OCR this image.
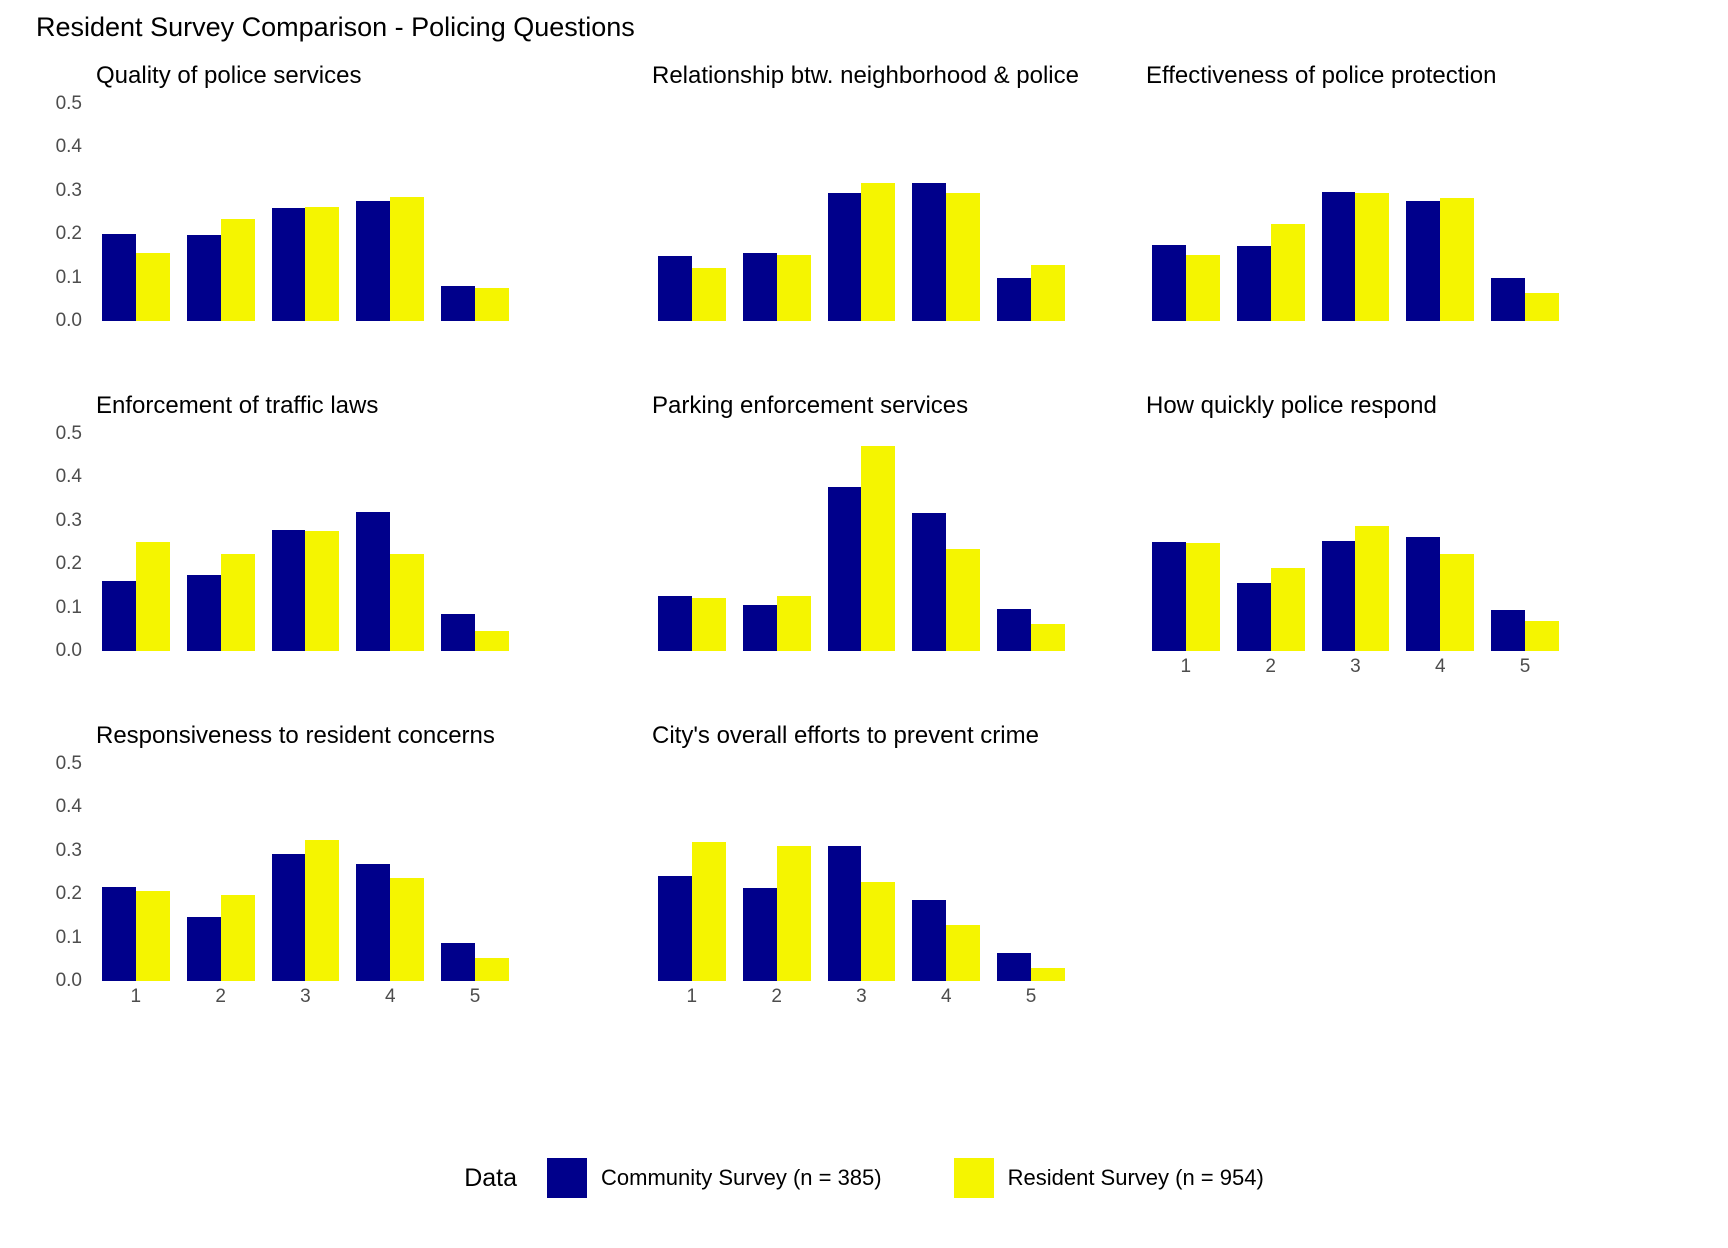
Resident Survey Comparison - Policing Questions
Quality of police services
0.0
0.1
0.2
0.3
0.4
0.5
Relationship btw. neighborhood & police	Effectiveness of police protection
Enforcement of traffic laws
0.0
0.1
0.2
0.3
0.4
0.5
Parking enforcement services	How quickly police respond
1	2	3	4	5
Responsiveness to resident concerns
0.0
0.1
0.2
0.3
0.4
0.5
1	2	3	4	5
City's overall efforts to prevent crime
1	2	3	4	5
Data	Community Survey (n = 385)	Resident Survey (n = 954)
